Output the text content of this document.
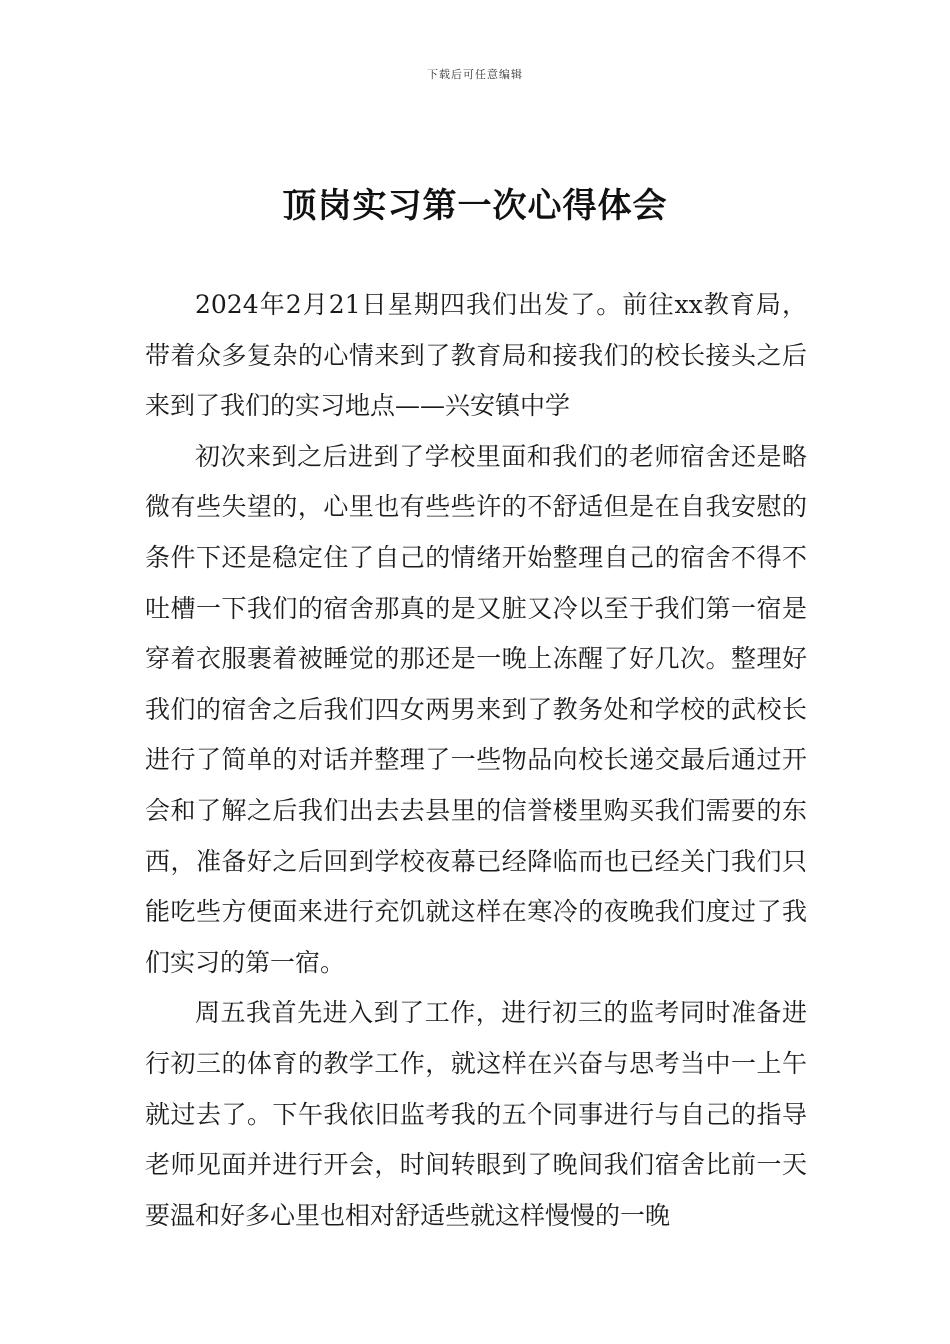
下载后可任意编辑
顶岗实习第一次心得体会

2024年2月21日星期四我们出发了。前往xx教育局，带着众多复杂的心情来到了教育局和接我们的校长接头之后来到了我们的实习地点——兴安镇中学

初次来到之后进到了学校里面和我们的老师宿舍还是略微有些失望的，心里也有些些许的不舒适但是在自我安慰的条件下还是稳定住了自己的情绪开始整理自己的宿舍不得不吐槽一下我们的宿舍那真的是又脏又冷以至于我们第一宿是穿着衣服裹着被睡觉的那还是一晚上冻醒了好几次。整理好我们的宿舍之后我们四女两男来到了教务处和学校的武校长进行了简单的对话并整理了一些物品向校长递交最后通过开会和了解之后我们出去去县里的信誉楼里购买我们需要的东西，准备好之后回到学校夜幕已经降临而也已经关门我们只能吃些方便面来进行充饥就这样在寒冷的夜晚我们度过了我们实习的第一宿。

周五我首先进入到了工作，进行初三的监考同时准备进行初三的体育的教学工作，就这样在兴奋与思考当中一上午就过去了。下午我依旧监考我的五个同事进行与自己的指导老师见面并进行开会，时间转眼到了晚间我们宿舍比前一天要温和好多心里也相对舒适些就这样慢慢的一晚
